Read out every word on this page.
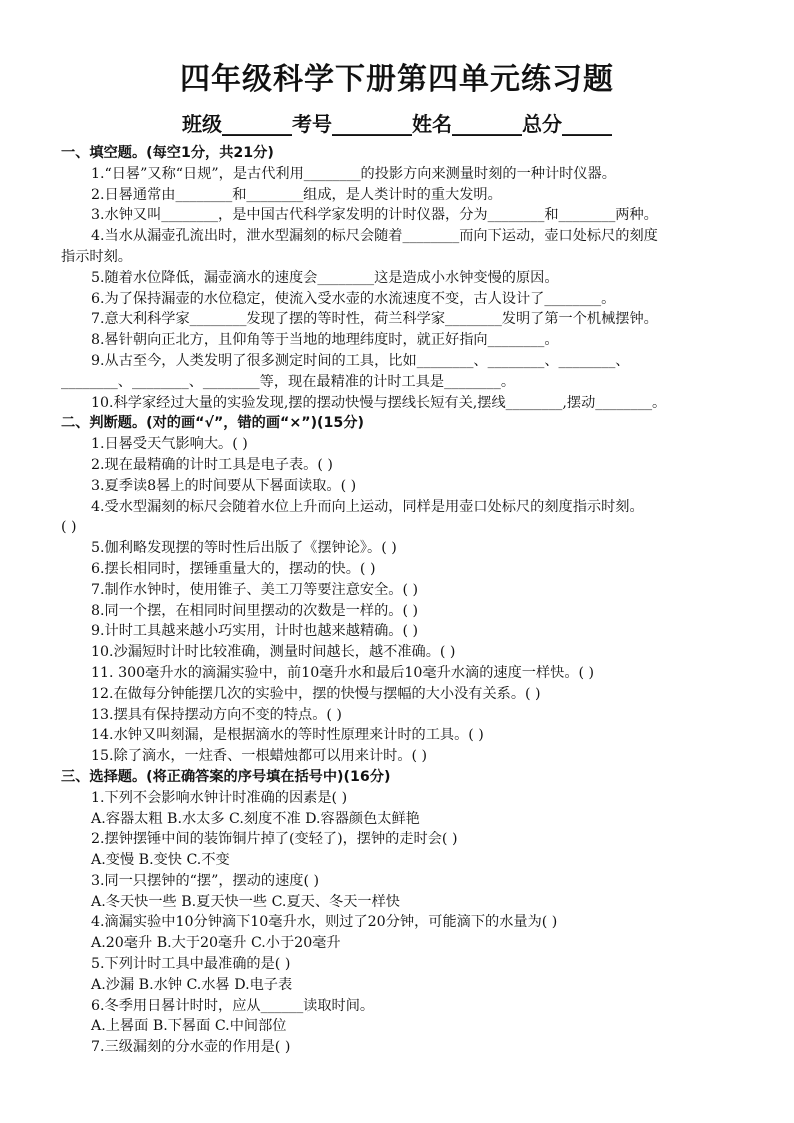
四年级科学下册第四单元练习题
班级_______考号________姓名_______总分_____
一、填空题。(每空1分，共21分)
1.“日晷”又称“日规”，是古代利用________的投影方向来测量时刻的一种计时仪器。
2.日晷通常由________和________组成，是人类计时的重大发明。
3.水钟又叫________，是中国古代科学家发明的计时仪器，分为________和________两种。
4.当水从漏壶孔流出时，泄水型漏刻的标尺会随着________而向下运动，壶口处标尺的刻度
指示时刻。
5.随着水位降低，漏壶滴水的速度会________这是造成小水钟变慢的原因。
6.为了保持漏壶的水位稳定，使流入受水壶的水流速度不变，古人设计了________。
7.意大利科学家________发现了摆的等时性，荷兰科学家________发明了第一个机械摆钟。
8.晷针朝向正北方，且仰角等于当地的地理纬度时，就正好指向________。
9.从古至今，人类发明了很多测定时间的工具，比如________、________、________、
________、________、________等，现在最精准的计时工具是________。
10.科学家经过大量的实验发现,摆的摆动快慢与摆线长短有关,摆线________,摆动________。
二、判断题。(对的画“√”，错的画“×”)(15分)
1.日晷受天气影响大。( )
2.现在最精确的计时工具是电子表。( )
3.夏季读8晷上的时间要从下晷面读取。( )
4.受水型漏刻的标尺会随着水位上升而向上运动，同样是用壶口处标尺的刻度指示时刻。
( )
5.伽利略发现摆的等时性后出版了《摆钟论》。( )
6.摆长相同时，摆锤重量大的，摆动的快。( )
7.制作水钟时，使用锥子、美工刀等要注意安全。( )
8.同一个摆，在相同时间里摆动的次数是一样的。( )
9.计时工具越来越小巧实用，计时也越来越精确。( )
10.沙漏短时计时比较准确，测量时间越长，越不准确。( )
11. 300毫升水的滴漏实验中，前10毫升水和最后10毫升水滴的速度一样快。( )
12.在做每分钟能摆几次的实验中，摆的快慢与摆幅的大小没有关系。( )
13.摆具有保持摆动方向不变的特点。( )
14.水钟又叫刻漏，是根据滴水的等时性原理来计时的工具。( )
15.除了滴水，一炷香、一根蜡烛都可以用来计时。( )
三、选择题。(将正确答案的序号填在括号中)(16分)
1.下列不会影响水钟计时准确的因素是( )
A.容器太粗 B.水太多 C.刻度不准 D.容器颜色太鲜艳
2.摆钟摆锤中间的装饰铜片掉了(变轻了)，摆钟的走时会( )
A.变慢 B.变快 C.不变
3.同一只摆钟的“摆”，摆动的速度( )
A.冬天快一些 B.夏天快一些 C.夏天、冬天一样快
4.滴漏实验中10分钟滴下10毫升水，则过了20分钟，可能滴下的水量为( )
A.20毫升 B.大于20毫升 C.小于20毫升
5.下列计时工具中最准确的是( )
A.沙漏 B.水钟 C.水晷 D.电子表
6.冬季用日晷计时时，应从______读取时间。
A.上晷面 B.下晷面 C.中间部位
7.三级漏刻的分水壶的作用是( )
